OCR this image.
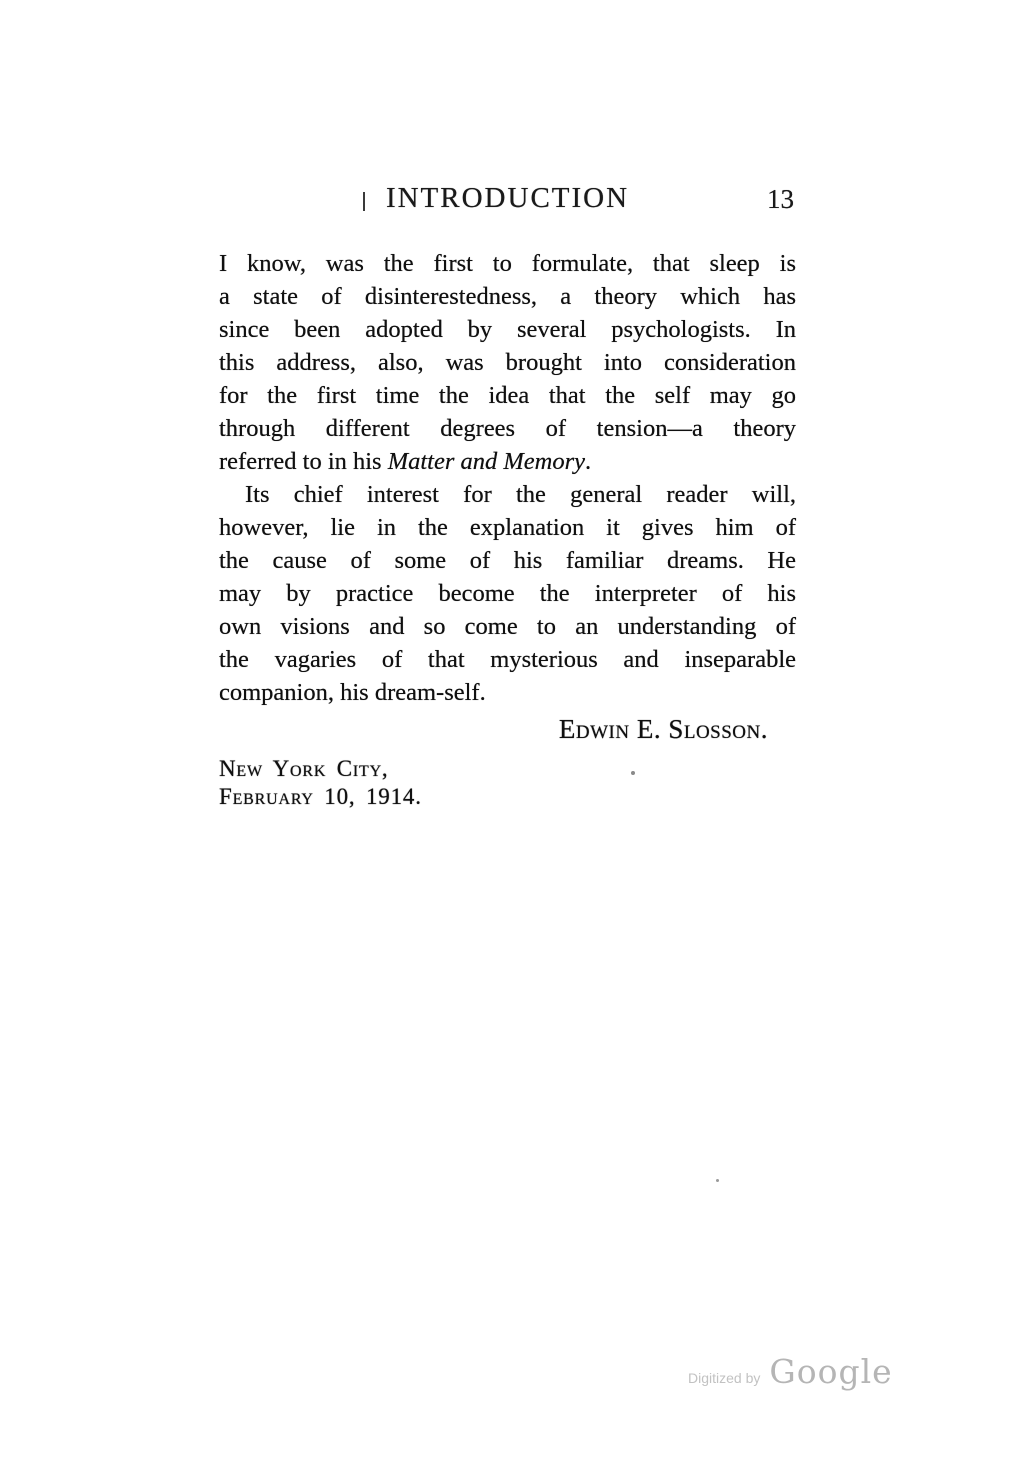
INTRODUCTION	13
I know, was the first to formulate, that sleep is
a state of disinterestedness, a theory which has
since been adopted by several psychologists. In
this address, also, was brought into consideration
for the first time the idea that the self may go
through different degrees of tension—a theory
referred to in his Matter and Memory.
Its chief interest for the general reader will,
however, lie in the explanation it gives him of
the cause of some of his familiar dreams. He
may by practice become the interpreter of his
own visions and so come to an understanding of
the vagaries of that mysterious and inseparable
companion, his dream-self.
Edwin E. Slosson.
New York City,
February 10, 1914.
Digitized by Google
